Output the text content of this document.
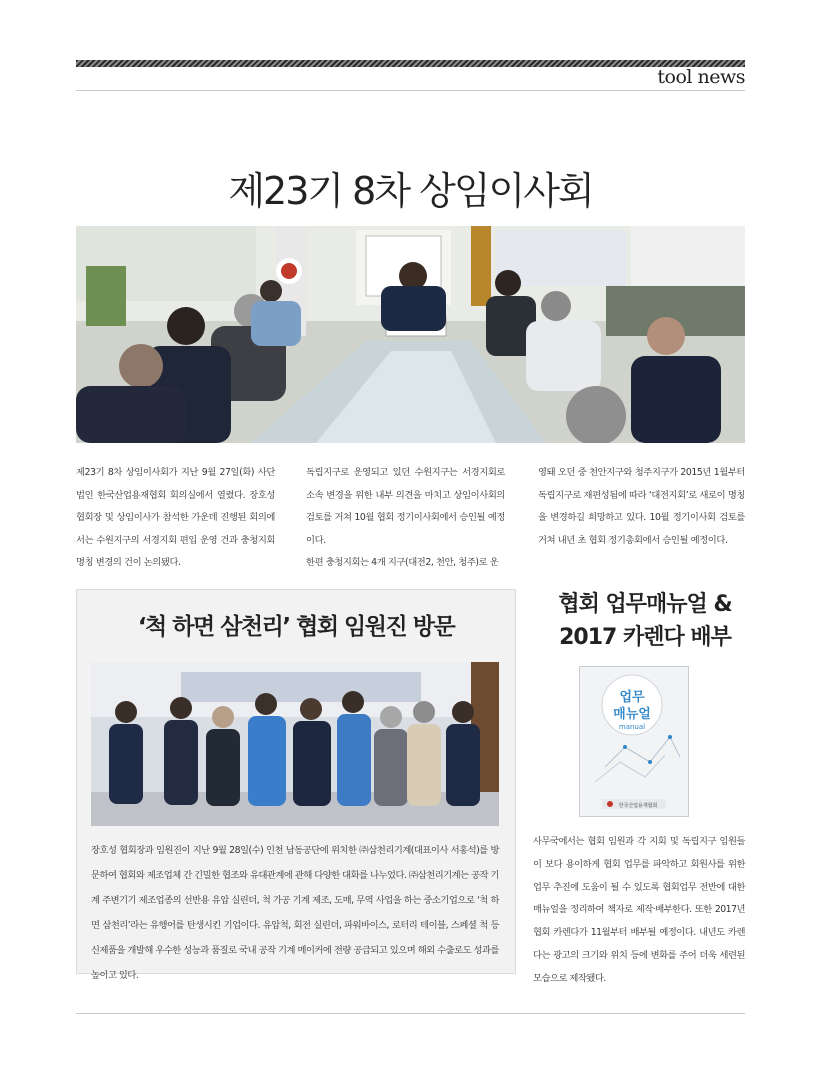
tool news
제23기 8차 상임이사회

제23기 8차 상임이사회가 지난 9월 27일(화) 사단법인 한국산업용재협회 회의실에서 열렸다. 장호성 협회장 및 상임이사가 참석한 가운데 진행된 회의에서는 수원지구의 서경지회 편입 운영 건과 충청지회 명칭 변경의 건이 논의됐다.

독립지구로 운영되고 있던 수원지구는 서경지회로 소속 변경을 위한 내부 의견을 마치고 상임이사회의 검토를 거쳐 10월 협회 정기이사회에서 승인될 예정이다.

한편 충청지회는 4개 지구(대전2, 천안, 청주)로 운

영돼 오던 중 천안지구와 청주지구가 2015년 1월부터 독립지구로 재편성됨에 따라 ‘대전지회’로 새로이 명칭을 변경하길 희망하고 있다. 10월 정기이사회 검토를 거쳐 내년 초 협회 정기총회에서 승인될 예정이다.

‘척 하면 삼천리’ 협회 임원진 방문

장호성 협회장과 임원진이 지난 9월 28일(수) 인천 남동공단에 위치한 ㈜삼천리기계(대표이사 서홍석)를 방문하여 협회와 제조업체 간 긴밀한 협조와 유대관계에 관해 다양한 대화를 나누었다. ㈜삼천리기계는 공작 기계 주변기기 제조업종의 선반용 유압 실린더, 척 가공 기계 제조, 도매, 무역 사업을 하는 중소기업으로 ‘척 하면 삼천리’라는 유행어를 탄생시킨 기업이다. 유압척, 회전 실린더, 파워바이스, 로터리 테이블, 스페셜 척 등 신제품을 개발해 우수한 성능과 품질로 국내 공작 기계 메이커에 전량 공급되고 있으며 해외 수출로도 성과를 높이고 있다.

협회 업무매뉴얼 &
2017 카렌다 배부
업무
매뉴얼
manual
한국산업용재협회

사무국에서는 협회 임원과 각 지회 및 독립지구 임원들이 보다 용이하게 협회 업무를 파악하고 회원사를 위한 업무 추진에 도움이 될 수 있도록 협회업무 전반에 대한 매뉴얼을 정리하여 책자로 제작·배부한다. 또한 2017년 협회 카렌다가 11월부터 배부될 예정이다. 내년도 카렌다는 광고의 크기와 위치 등에 변화를 주어 더욱 세련된 모습으로 제작됐다.
